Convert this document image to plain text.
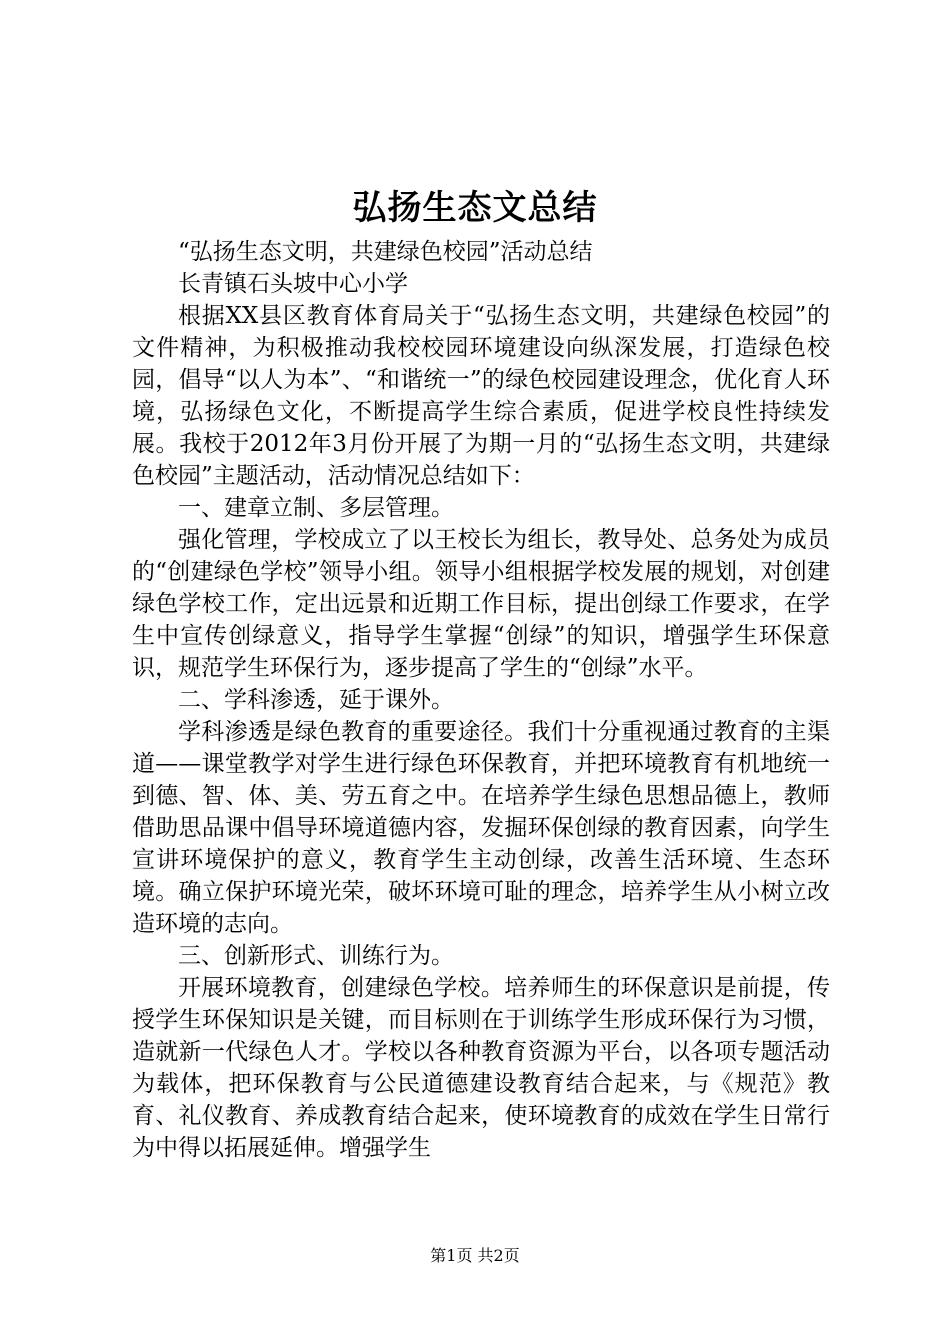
弘扬生态文总结

“弘扬生态文明，共建绿色校园”活动总结

长青镇石头坡中心小学

根据XX县区教育体育局关于“弘扬生态文明，共建绿色校园”的文件精神，为积极推动我校校园环境建设向纵深发展，打造绿色校园，倡导“以人为本”、“和谐统一”的绿色校园建设理念，优化育人环境，弘扬绿色文化，不断提高学生综合素质，促进学校良性持续发展。我校于2012年3月份开展了为期一月的“弘扬生态文明，共建绿色校园”主题活动，活动情况总结如下：

一、建章立制、多层管理。

强化管理，学校成立了以王校长为组长，教导处、总务处为成员的“创建绿色学校”领导小组。领导小组根据学校发展的规划，对创建绿色学校工作，定出远景和近期工作目标，提出创绿工作要求，在学生中宣传创绿意义，指导学生掌握“创绿”的知识，增强学生环保意识，规范学生环保行为，逐步提高了学生的“创绿”水平。

二、学科渗透，延于课外。

学科渗透是绿色教育的重要途径。我们十分重视通过教育的主渠道——课堂教学对学生进行绿色环保教育，并把环境教育有机地统一到德、智、体、美、劳五育之中。在培养学生绿色思想品德上，教师借助思品课中倡导环境道德内容，发掘环保创绿的教育因素，向学生宣讲环境保护的意义，教育学生主动创绿，改善生活环境、生态环境。确立保护环境光荣，破坏环境可耻的理念，培养学生从小树立改造环境的志向。

三、创新形式、训练行为。

开展环境教育，创建绿色学校。培养师生的环保意识是前提，传授学生环保知识是关键，而目标则在于训练学生形成环保行为习惯，造就新一代绿色人才。学校以各种教育资源为平台，以各项专题活动为载体，把环保教育与公民道德建设教育结合起来，与《规范》教育、礼仪教育、养成教育结合起来，使环境教育的成效在学生日常行为中得以拓展延伸。增强学生

第1页 共2页
